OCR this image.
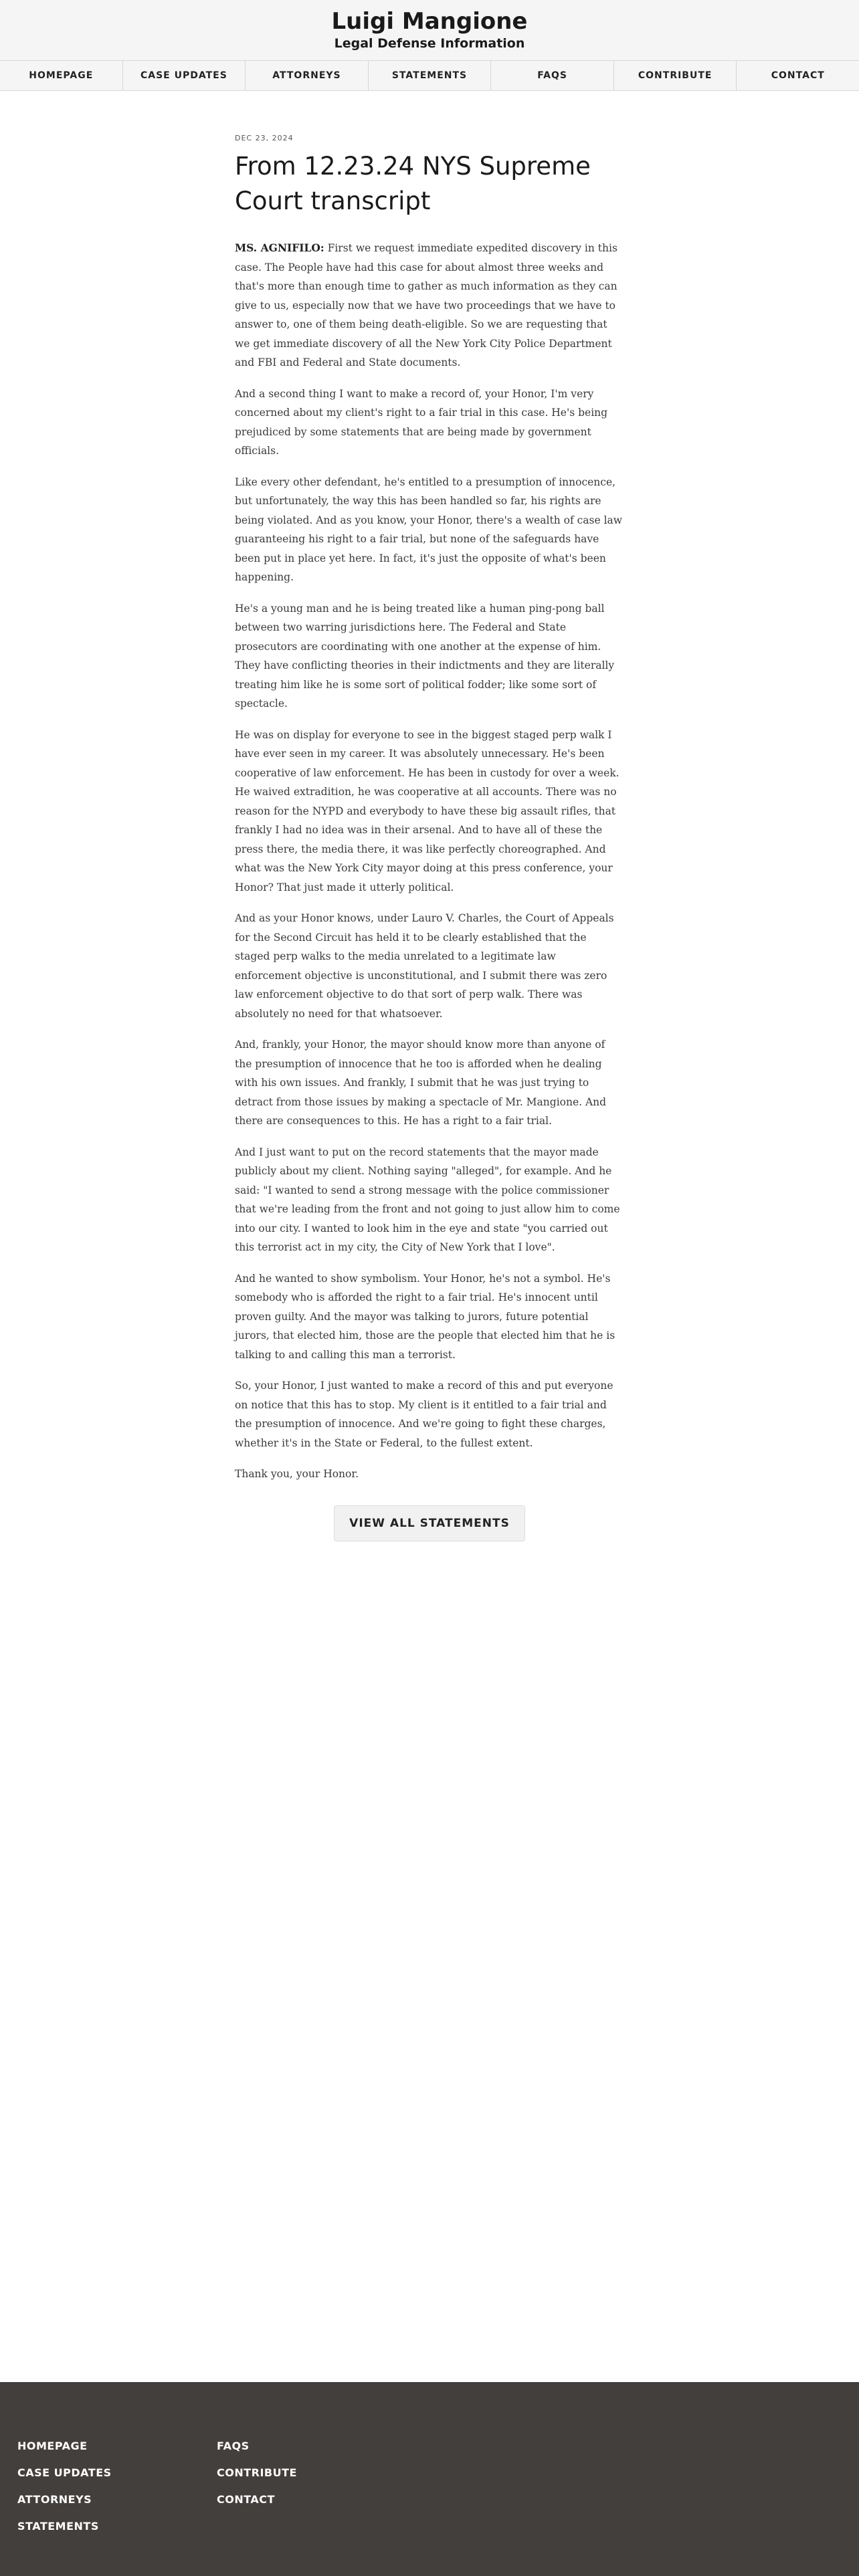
Luigi Mangione
Legal Defense Information
HOMEPAGE	CASE UPDATES	ATTORNEYS	STATEMENTS	FAQS	CONTRIBUTE	CONTACT
DEC 23, 2024
From 12.23.24 NYS Supreme Court transcript

MS. AGNIFILO: First we request immediate expedited discovery in this case. The People have had this case for about almost three weeks and that's more than enough time to gather as much information as they can give to us, especially now that we have two proceedings that we have to answer to, one of them being death-eligible. So we are requesting that we get immediate discovery of all the New York City Police Department and FBI and Federal and State documents.

And a second thing I want to make a record of, your Honor, I'm very concerned about my client's right to a fair trial in this case. He's being prejudiced by some statements that are being made by government officials.

Like every other defendant, he's entitled to a presumption of innocence, but unfortunately, the way this has been handled so far, his rights are being violated. And as you know, your Honor, there's a wealth of case law guaranteeing his right to a fair trial, but none of the safeguards have been put in place yet here. In fact, it's just the opposite of what's been happening.

He's a young man and he is being treated like a human ping-pong ball between two warring jurisdictions here. The Federal and State prosecutors are coordinating with one another at the expense of him. They have conflicting theories in their indictments and they are literally treating him like he is some sort of political fodder; like some sort of spectacle.

He was on display for everyone to see in the biggest staged perp walk I have ever seen in my career. It was absolutely unnecessary. He's been cooperative of law enforcement. He has been in custody for over a week. He waived extradition, he was cooperative at all accounts. There was no reason for the NYPD and everybody to have these big assault rifles, that frankly I had no idea was in their arsenal. And to have all of these the press there, the media there, it was like perfectly choreographed. And what was the New York City mayor doing at this press conference, your Honor? That just made it utterly political.

And as your Honor knows, under Lauro V. Charles, the Court of Appeals for the Second Circuit has held it to be clearly established that the staged perp walks to the media unrelated to a legitimate law enforcement objective is unconstitutional, and I submit there was zero law enforcement objective to do that sort of perp walk. There was absolutely no need for that whatsoever.

And, frankly, your Honor, the mayor should know more than anyone of the presumption of innocence that he too is afforded when he dealing with his own issues. And frankly, I submit that he was just trying to detract from those issues by making a spectacle of Mr. Mangione. And there are consequences to this. He has a right to a fair trial.

And I just want to put on the record statements that the mayor made publicly about my client. Nothing saying "alleged", for example. And he said: "I wanted to send a strong message with the police commissioner that we're leading from the front and not going to just allow him to come into our city. I wanted to look him in the eye and state "you carried out this terrorist act in my city, the City of New York that I love".

And he wanted to show symbolism. Your Honor, he's not a symbol. He's somebody who is afforded the right to a fair trial. He's innocent until proven guilty. And the mayor was talking to jurors, future potential jurors, that elected him, those are the people that elected him that he is talking to and calling this man a terrorist.

So, your Honor, I just wanted to make a record of this and put everyone on notice that this has to stop. My client is it entitled to a fair trial and the presumption of innocence. And we're going to fight these charges, whether it's in the State or Federal, to the fullest extent.

Thank you, your Honor.

VIEW ALL STATEMENTS
HOMEPAGE
CASE UPDATES
ATTORNEYS
STATEMENTS
FAQS
CONTRIBUTE
CONTACT
